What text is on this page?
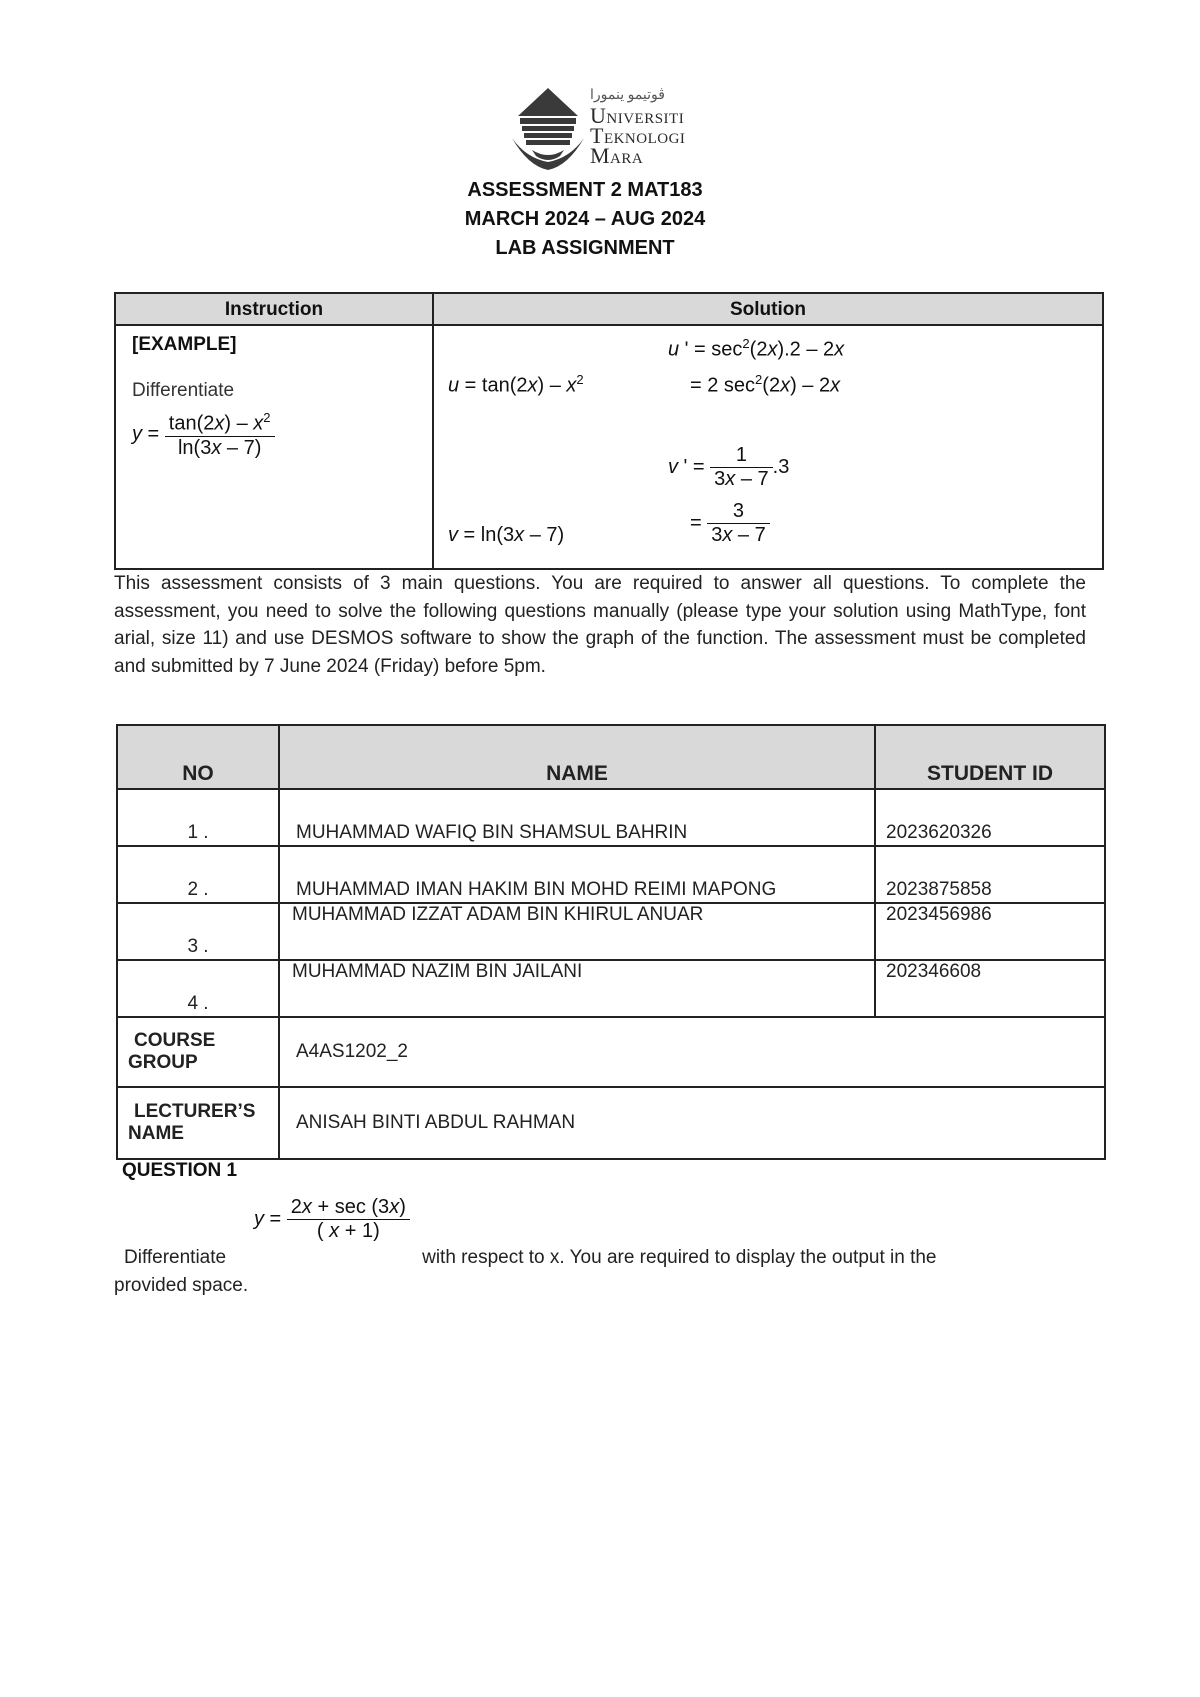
ڤوتيمو ينمورا
Universiti
Teknologi
Mara
ASSESSMENT 2 MAT183
MARCH 2024 – AUG 2024
LAB ASSIGNMENT
Instruction	Solution
[EXAMPLE]
Differentiate
$y = \frac{\tan(2x) - x^2}{\ln(3x - 7)}$
u ' = $\sec^2(2x).2 - 2x$
$u = \tan(2x) - x^2$	= 2 $\sec^2(2x) - 2x$
v ' = $\frac{1}{3x - 7} .3$
v = ln(3x – 7)
= $\frac{3}{3x - 7}$
This assessment consists of 3 main questions. You are required to answer all questions. To complete the assessment, you need to solve the following questions manually (please type your solution using MathType, font arial, size 11) and use DESMOS software to show the graph of the function. The assessment must be completed and submitted by 7 June 2024 (Friday) before 5pm.
NO	NAME	STUDENT ID
1 .	MUHAMMAD WAFIQ BIN SHAMSUL BAHRIN	2023620326
2 .	MUHAMMAD IMAN HAKIM BIN MOHD REIMI MAPONG	2023875858
3 .	MUHAMMAD IZZAT ADAM BIN KHIRUL ANUAR	2023456986
4 .	MUHAMMAD NAZIM BIN JAILANI	202346608

COURSE
GROUP	A4AS1202_2	

LECTURER’S
NAME	ANISAH BINTI ABDUL RAHMAN	
QUESTION 1
$y = \frac{2x + \sec (3x)}{( x + 1)}$
Differentiate	with respect to x. You are required to display the output in the
provided space.
